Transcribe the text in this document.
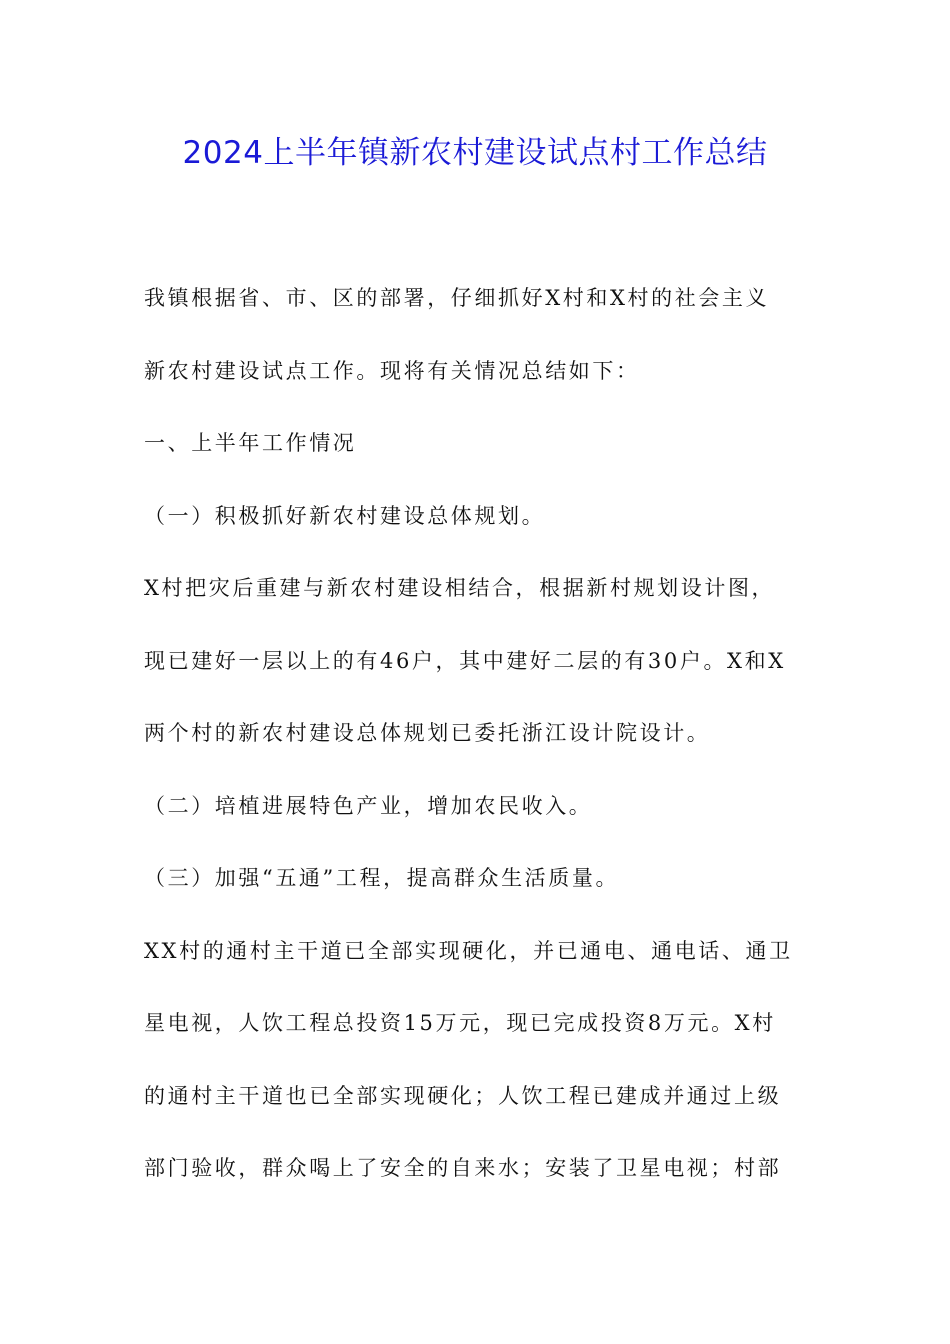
2024上半年镇新农村建设试点村工作总结
我镇根据省、市、区的部署，仔细抓好X村和X村的社会主义
新农村建设试点工作。现将有关情况总结如下：
一、上半年工作情况
（一）积极抓好新农村建设总体规划。
X村把灾后重建与新农村建设相结合，根据新村规划设计图，
现已建好一层以上的有46户，其中建好二层的有30户。X和X
两个村的新农村建设总体规划已委托浙江设计院设计。
（二）培植进展特色产业，增加农民收入。
（三）加强“五通”工程，提高群众生活质量。
XX村的通村主干道已全部实现硬化，并已通电、通电话、通卫
星电视，人饮工程总投资15万元，现已完成投资8万元。X村
的通村主干道也已全部实现硬化；人饮工程已建成并通过上级
部门验收，群众喝上了安全的自来水；安装了卫星电视；村部
